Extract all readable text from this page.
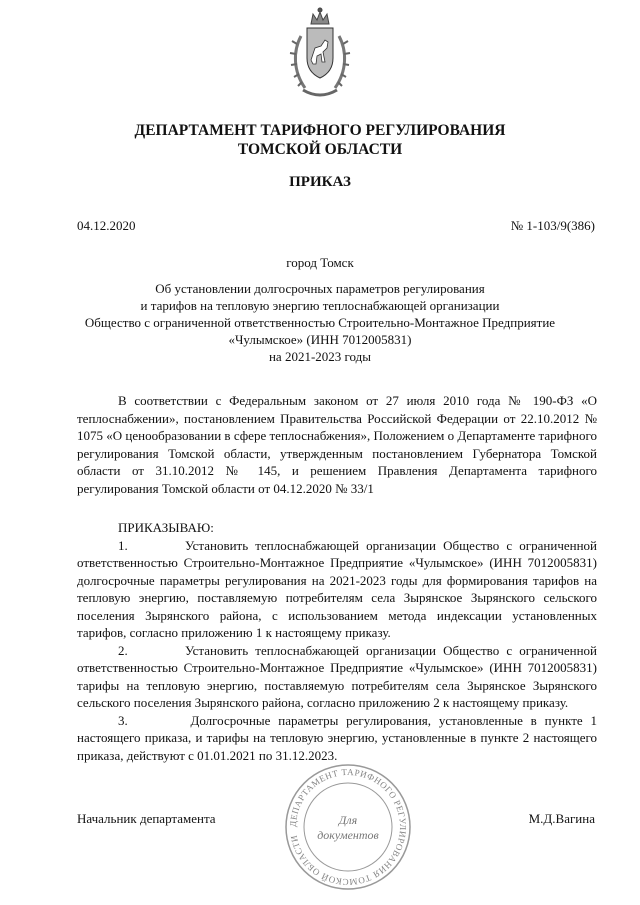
ДЕПАРТАМЕНТ ТАРИФНОГО РЕГУЛИРОВАНИЯ
ТОМСКОЙ ОБЛАСТИ
ПРИКАЗ
04.12.2020	№ 1-103/9(386)
город Томск
Об установлении долгосрочных параметров регулирования
и тарифов на тепловую энергию теплоснабжающей организации
Общество с ограниченной ответственностью Строительно-Монтажное Предприятие
«Чулымское» (ИНН 7012005831)
на 2021-2023 годы
В соответствии с Федеральным законом от 27 июля 2010 года № 190-ФЗ «О теплоснабжении», постановлением Правительства Российской Федерации от 22.10.2012 № 1075 «О ценообразовании в сфере теплоснабжения», Положением о Департаменте тарифного регулирования Томской области, утвержденным постановлением Губернатора Томской области от 31.10.2012 № 145, и решением Правления Департамента тарифного регулирования Томской области от 04.12.2020 № 33/1
ПРИКАЗЫВАЮ:
1.        Установить теплоснабжающей организации Общество с ограниченной ответственностью Строительно-Монтажное Предприятие «Чулымское» (ИНН 7012005831) долгосрочные параметры регулирования на 2021-2023 годы для формирования тарифов на тепловую энергию, поставляемую потребителям села Зырянское Зырянского сельского поселения Зырянского района, с использованием метода индексации установленных тарифов, согласно приложению 1 к настоящему приказу.
2.        Установить теплоснабжающей организации Общество с ограниченной ответственностью Строительно-Монтажное Предприятие «Чулымское» (ИНН 7012005831) тарифы на тепловую энергию, поставляемую потребителям села Зырянское Зырянского сельского поселения Зырянского района, согласно приложению 2 к настоящему приказу.
3.        Долгосрочные параметры регулирования, установленные в пункте 1 настоящего приказа, и тарифы на тепловую энергию, установленные в пункте 2 настоящего приказа, действуют с 01.01.2021 по 31.12.2023.
Начальник департамента	М.Д.Вагина
ДЕПАРТАМЕНТ ТАРИФНОГО РЕГУЛИРОВАНИЯ ТОМСКОЙ ОБЛАСТИ
Для
документов
